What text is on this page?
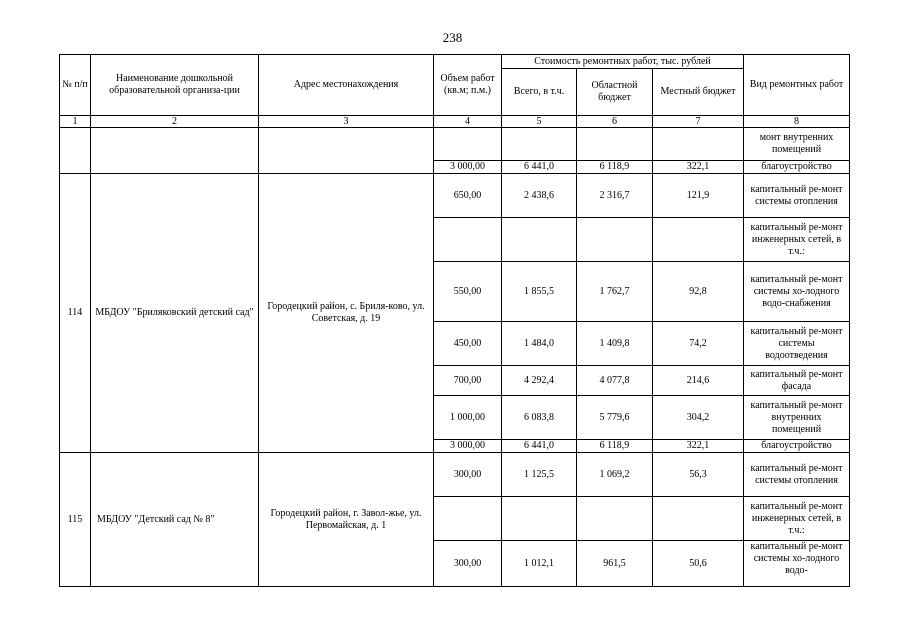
238
№ п/п	Наименование дошкольной образовательной организа-ции	Адрес местонахождения	Объем работ (кв.м; п.м.)	Стоимость ремонтных работ, тыс. рублей			Вид ремонтных работ
				Всего, в т.ч.	Областной бюджет	Местный бюджет	
1	2	3	4	5	6	7	8
							монт внутренних помещений
			3 000,00	6 441,0	6 118,9	322,1	благоустройство
114	МБДОУ "Бриляковский детский сад"	Городецкий район, с. Бриля-ково, ул. Советская, д. 19	650,00	2 438,6	2 316,7	121,9	капитальный ре-монт системы отопления
							капитальный ре-монт инженерных сетей, в т.ч.:
			550,00	1 855,5	1 762,7	92,8	капитальный ре-монт системы хо-лодного водо-снабжения
			450,00	1 484,0	1 409,8	74,2	капитальный ре-монт системы водоотведения
			700,00	4 292,4	4 077,8	214,6	капитальный ре-монт фасада
			1 000,00	6 083,8	5 779,6	304,2	капитальный ре-монт внутренних помещений
			3 000,00	6 441,0	6 118,9	322,1	благоустройство
115	МБДОУ "Детский сад № 8"	Городецкий район, г. Завол-жье, ул. Первомайская, д. 1	300,00	1 125,5	1 069,2	56,3	капитальный ре-монт системы отопления
							капитальный ре-монт инженерных сетей, в т.ч.:
			300,00	1 012,1	961,5	50,6	капитальный ре-монт системы хо-лодного водо-
